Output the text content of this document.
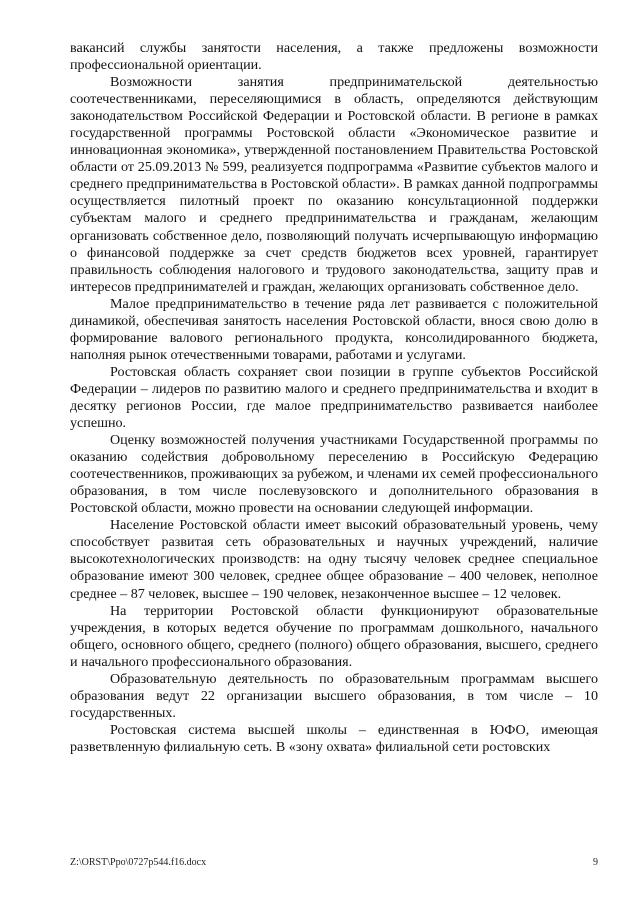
вакансий службы занятости населения, а также предложены возможности профессиональной ориентации.

Возможности занятия предпринимательской деятельностью соотечественниками, переселяющимися в область, определяются действующим законодательством Российской Федерации и Ростовской области. В регионе в рамках государственной программы Ростовской области «Экономическое развитие и инновационная экономика», утвержденной постановлением Правительства Ростовской области от 25.09.2013 № 599, реализуется подпрограмма «Развитие субъектов малого и среднего предпринимательства в Ростовской области». В рамках данной подпрограммы осуществляется пилотный проект по оказанию консультационной поддержки субъектам малого и среднего предпринимательства и гражданам, желающим организовать собственное дело, позволяющий получать исчерпывающую информацию о финансовой поддержке за счет средств бюджетов всех уровней, гарантирует правильность соблюдения налогового и трудового законодательства, защиту прав и интересов предпринимателей и граждан, желающих организовать собственное дело.

Малое предпринимательство в течение ряда лет развивается с положительной динамикой, обеспечивая занятость населения Ростовской области, внося свою долю в формирование валового регионального продукта, консолидированного бюджета, наполняя рынок отечественными товарами, работами и услугами.

Ростовская область сохраняет свои позиции в группе субъектов Российской Федерации – лидеров по развитию малого и среднего предпринимательства и входит в десятку регионов России, где малое предпринимательство развивается наиболее успешно.

Оценку возможностей получения участниками Государственной программы по оказанию содействия добровольному переселению в Российскую Федерацию соотечественников, проживающих за рубежом, и членами их семей профессионального образования, в том числе послевузовского и дополнительного образования в Ростовской области, можно провести на основании следующей информации.

Население Ростовской области имеет высокий образовательный уровень, чему способствует развитая сеть образовательных и научных учреждений, наличие высокотехнологических производств: на одну тысячу человек среднее специальное образование имеют 300 человек, среднее общее образование – 400 человек, неполное среднее – 87 человек, высшее – 190 человек, незаконченное высшее – 12 человек.

На территории Ростовской области функционируют образовательные учреждения, в которых ведется обучение по программам дошкольного, начального общего, основного общего, среднего (полного) общего образования, высшего, среднего и начального профессионального образования.

Образовательную деятельность по образовательным программам высшего образования ведут 22 организации высшего образования, в том числе – 10 государственных.

Ростовская система высшей школы – единственная в ЮФО, имеющая разветвленную филиальную сеть. В «зону охвата» филиальной сети ростовских

Z:\ORST\Ppo\0727p544.f16.docx	9
